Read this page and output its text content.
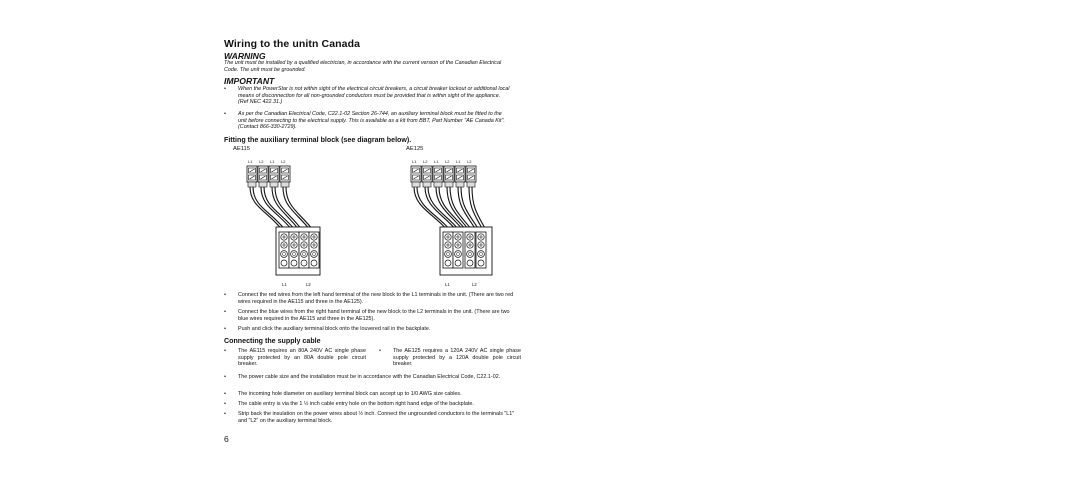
Wiring to the unitn Canada
WARNING
The unit must be installed by a qualified electrician, in accordance with the current version of the Canadian Electrical Code. The unit must be grounded.
IMPORTANT
•	When the PowerStar is not within sight of the electrical circuit breakers, a circuit breaker lockout or additional local means of disconnection for all non-grounded conductors must be provided that is within sight of the appliance. (Ref NEC 422.31.)
•	As per the Canadian Electrical Code, C22.1-02 Section 26-744, an auxiliary terminal block must be fitted to the unit before connecting to the electrical supply. This is available as a kit from BBT, Part Number "AE Canada Kit". (Contact 866-330-2729).
Fitting the auxiliary terminal block (see diagram below).
AE115	AE125
L1 L2 L1 L2
L1	L2
L1 L2 L1 L2 L1 L2
L1	L2
•	Connect the red wires from the left hand terminal of the new block to the L1 terminals in the unit. (There are two red wires required in the AE115 and three in the AE125).
•	Connect the blue wires from the right hand terminal of the new block to the L2 terminals in the unit. (There are two blue wires required in the AE115 and three in the AE125).
•	Push and click the auxiliary terminal block onto the louvered rail in the backplate.
Connecting the supply cable
•	The AE115 requires an 80A 240V AC single phase supply protected by an 80A double pole circuit breaker.
•	The AE125 requires a 120A 240V AC single phase supply protected by a 120A double pole circuit breaker.
•	The power cable size and the installation must be in accordance with the Canadian Electrical Code, C22.1-02.
•	The incoming hole diameter on auxiliary terminal block can accept up to 1/0 AWG size cables.
•	The cable entry is via the 1 ½ inch cable entry hole on the bottom right hand edge of the backplate.
•	Strip back the insulation on the power wires about ½ inch. Connect the ungrounded conductors to the terminals "L1" and "L2" on the auxiliary terminal block.
6
